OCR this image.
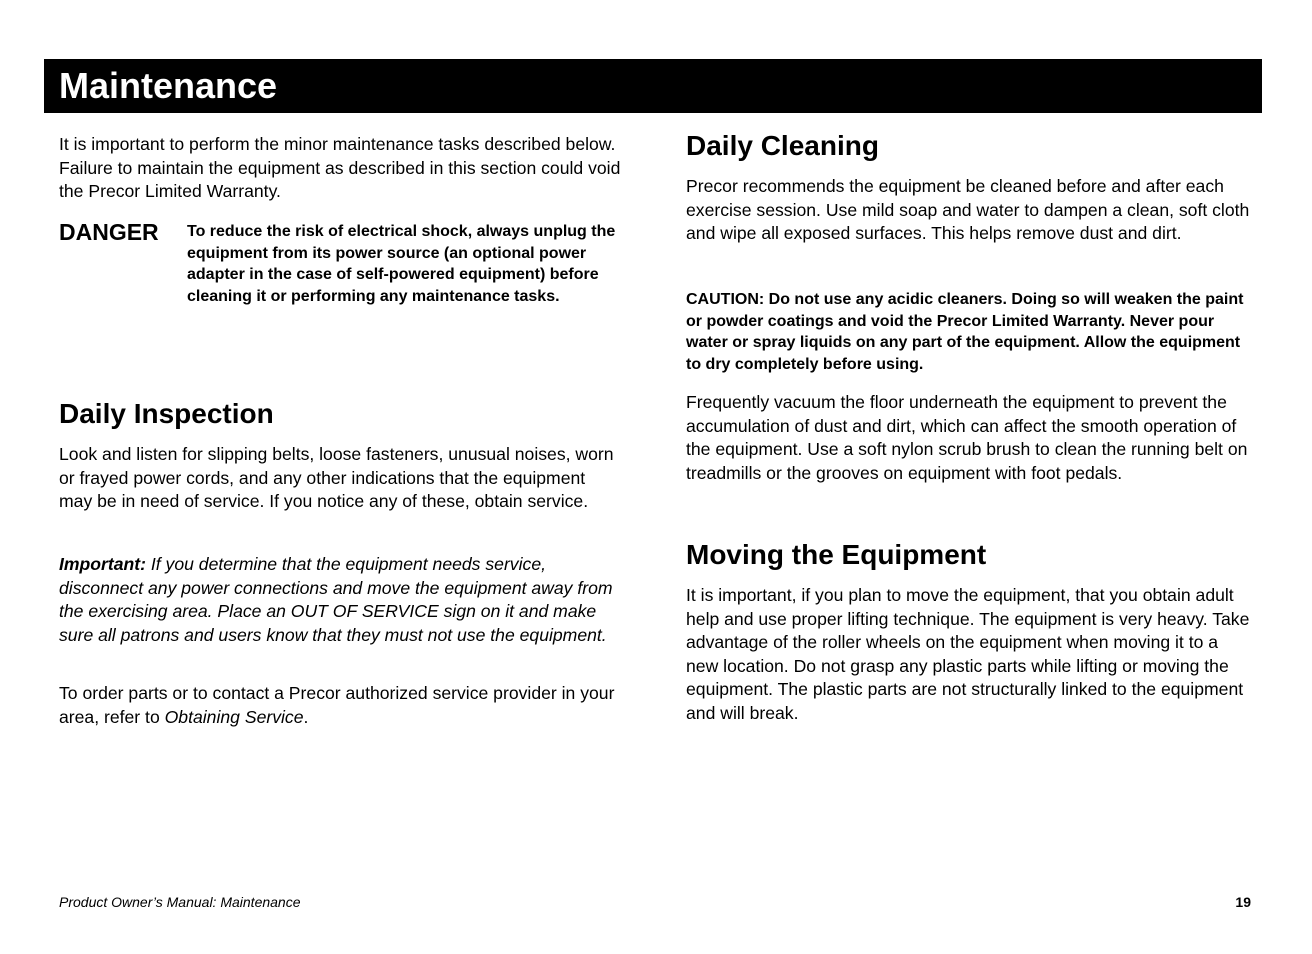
Maintenance

It is important to perform the minor maintenance tasks described below. Failure to maintain the equipment as described in this section could void the Precor Limited Warranty.

DANGER To reduce the risk of electrical shock, always unplug the equipment from its power source (an optional power adapter in the case of self-powered equipment) before cleaning it or performing any maintenance tasks.
Daily Inspection

Look and listen for slipping belts, loose fasteners, unusual noises, worn or frayed power cords, and any other indications that the equipment may be in need of service. If you notice any of these, obtain service.

Important: If you determine that the equipment needs service, disconnect any power connections and move the equipment away from the exercising area. Place an OUT OF SERVICE sign on it and make sure all patrons and users know that they must not use the equipment.

To order parts or to contact a Precor authorized service provider in your area, refer to Obtaining Service.

Daily Cleaning

Precor recommends the equipment be cleaned before and after each exercise session. Use mild soap and water to dampen a clean, soft cloth and wipe all exposed surfaces. This helps remove dust and dirt.

CAUTION: Do not use any acidic cleaners. Doing so will weaken the paint or powder coatings and void the Precor Limited Warranty. Never pour water or spray liquids on any part of the equipment. Allow the equipment to dry completely before using.

Frequently vacuum the floor underneath the equipment to prevent the accumulation of dust and dirt, which can affect the smooth operation of the equipment. Use a soft nylon scrub brush to clean the running belt on treadmills or the grooves on equipment with foot pedals.

Moving the Equipment

It is important, if you plan to move the equipment, that you obtain adult help and use proper lifting technique. The equipment is very heavy. Take advantage of the roller wheels on the equipment when moving it to a new location. Do not grasp any plastic parts while lifting or moving the equipment. The plastic parts are not structurally linked to the equipment and will break.

Product Owner’s Manual: Maintenance	19
